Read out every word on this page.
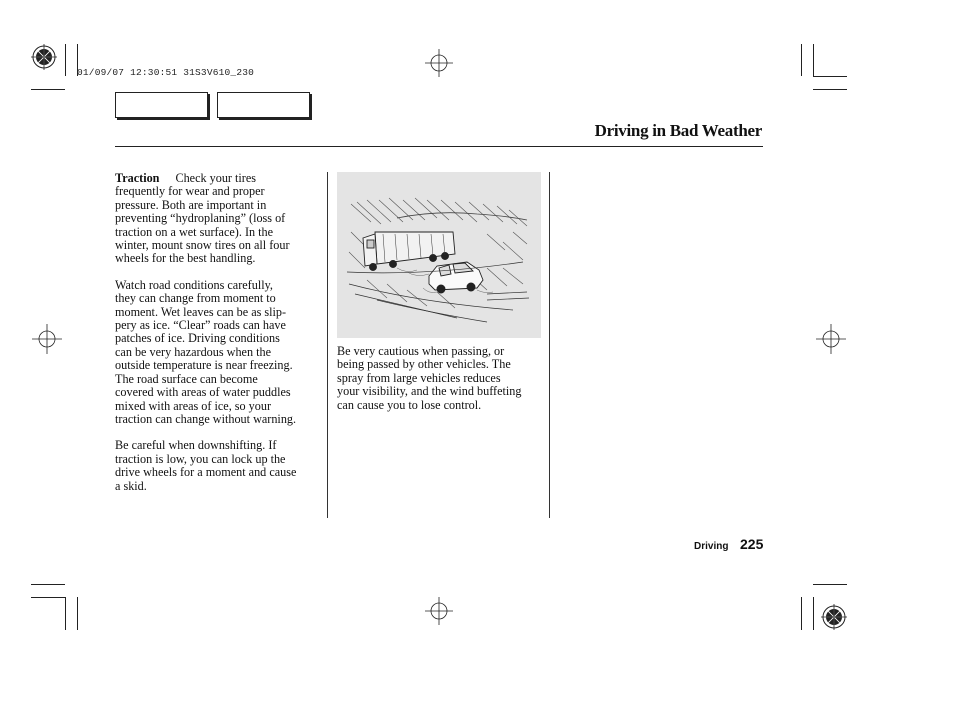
01/09/07 12:30:51 31S3V610_230
Driving in Bad Weather

Traction Check your tires
frequently for wear and proper
pressure. Both are important in
preventing “hydroplaning” (loss of
traction on a wet surface). In the
winter, mount snow tires on all four
wheels for the best handling.

Watch road conditions carefully,
they can change from moment to
moment. Wet leaves can be as slip-
pery as ice. “Clear” roads can have
patches of ice. Driving conditions
can be very hazardous when the
outside temperature is near freezing.
The road surface can become
covered with areas of water puddles
mixed with areas of ice, so your
traction can change without warning.

Be careful when downshifting. If
traction is low, you can lock up the
drive wheels for a moment and cause
a skid.

Be very cautious when passing, or
being passed by other vehicles. The
spray from large vehicles reduces
your visibility, and the wind buffeting
can cause you to lose control.
Driving 225
